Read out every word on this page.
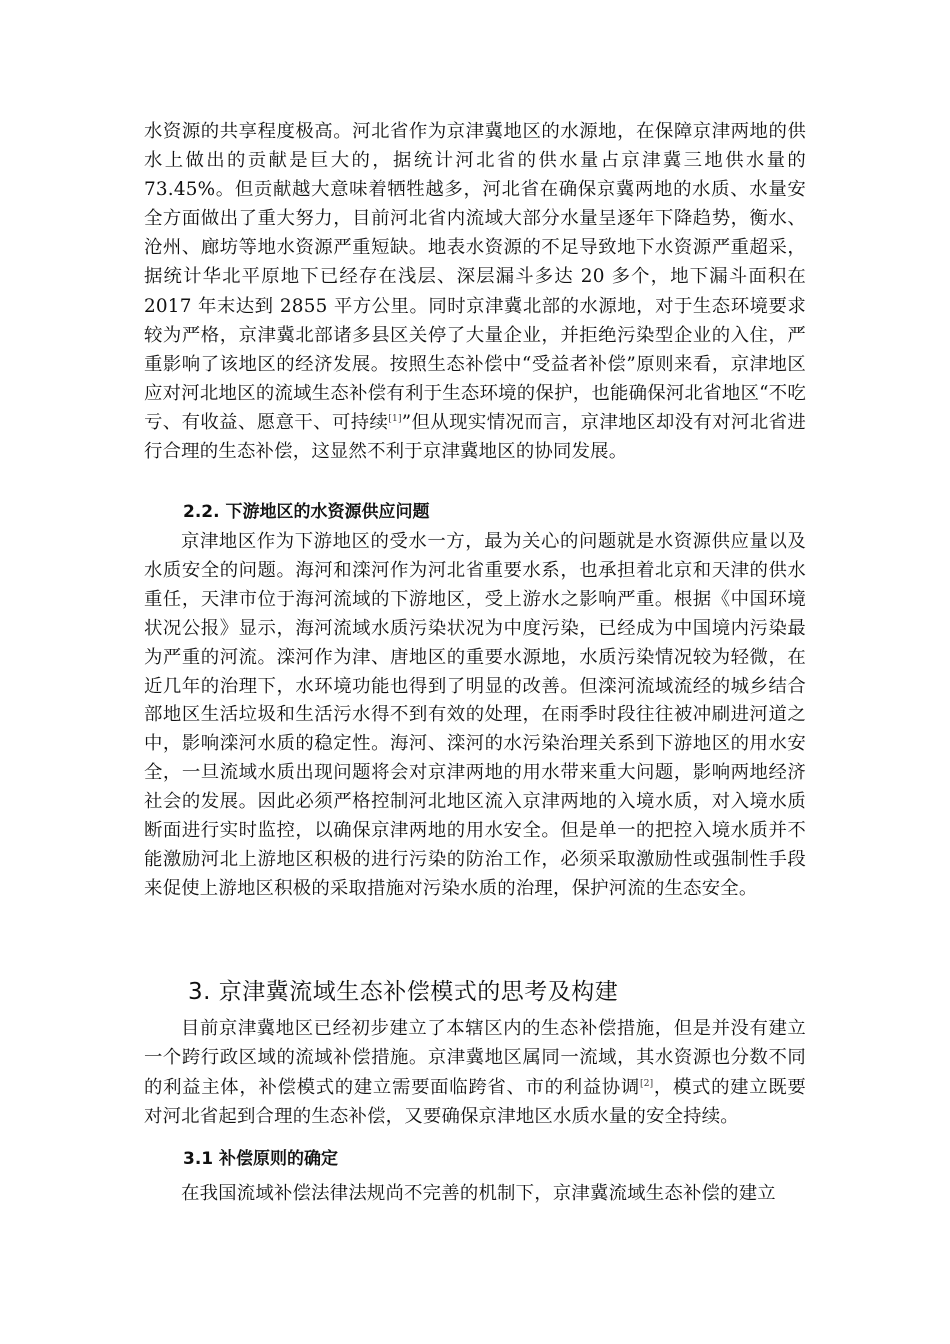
水资源的共享程度极高。河北省作为京津冀地区的水源地，在保障京津两地的供水上做出的贡献是巨大的，据统计河北省的供水量占京津冀三地供水量的73.45%。但贡献越大意味着牺牲越多，河北省在确保京冀两地的水质、水量安全方面做出了重大努力，目前河北省内流域大部分水量呈逐年下降趋势，衡水、沧州、廊坊等地水资源严重短缺。地表水资源的不足导致地下水资源严重超采，据统计华北平原地下已经存在浅层、深层漏斗多达 20 多个，地下漏斗面积在 2017 年末达到 2855 平方公里。同时京津冀北部的水源地，对于生态环境要求较为严格，京津冀北部诸多县区关停了大量企业，并拒绝污染型企业的入住，严重影响了该地区的经济发展。按照生态补偿中“受益者补偿”原则来看，京津地区应对河北地区的流域生态补偿有利于生态环境的保护，也能确保河北省地区“不吃亏、有收益、愿意干、可持续[1]”但从现实情况而言，京津地区却没有对河北省进行合理的生态补偿，这显然不利于京津冀地区的协同发展。

2.2. 下游地区的水资源供应问题

京津地区作为下游地区的受水一方，最为关心的问题就是水资源供应量以及水质安全的问题。海河和滦河作为河北省重要水系，也承担着北京和天津的供水重任，天津市位于海河流域的下游地区，受上游水之影响严重。根据《中国环境状况公报》显示，海河流域水质污染状况为中度污染，已经成为中国境内污染最为严重的河流。滦河作为津、唐地区的重要水源地，水质污染情况较为轻微，在近几年的治理下，水环境功能也得到了明显的改善。但滦河流域流经的城乡结合部地区生活垃圾和生活污水得不到有效的处理，在雨季时段往往被冲刷进河道之中，影响滦河水质的稳定性。海河、滦河的水污染治理关系到下游地区的用水安全，一旦流域水质出现问题将会对京津两地的用水带来重大问题，影响两地经济社会的发展。因此必须严格控制河北地区流入京津两地的入境水质，对入境水质断面进行实时监控，以确保京津两地的用水安全。但是单一的把控入境水质并不能激励河北上游地区积极的进行污染的防治工作，必须采取激励性或强制性手段来促使上游地区积极的采取措施对污染水质的治理，保护河流的生态安全。

3. 京津冀流域生态补偿模式的思考及构建

目前京津冀地区已经初步建立了本辖区内的生态补偿措施，但是并没有建立一个跨行政区域的流域补偿措施。京津冀地区属同一流域，其水资源也分数不同的利益主体，补偿模式的建立需要面临跨省、市的利益协调[2]，模式的建立既要对河北省起到合理的生态补偿，又要确保京津地区水质水量的安全持续。

3.1 补偿原则的确定

在我国流域补偿法律法规尚不完善的机制下，京津冀流域生态补偿的建立
